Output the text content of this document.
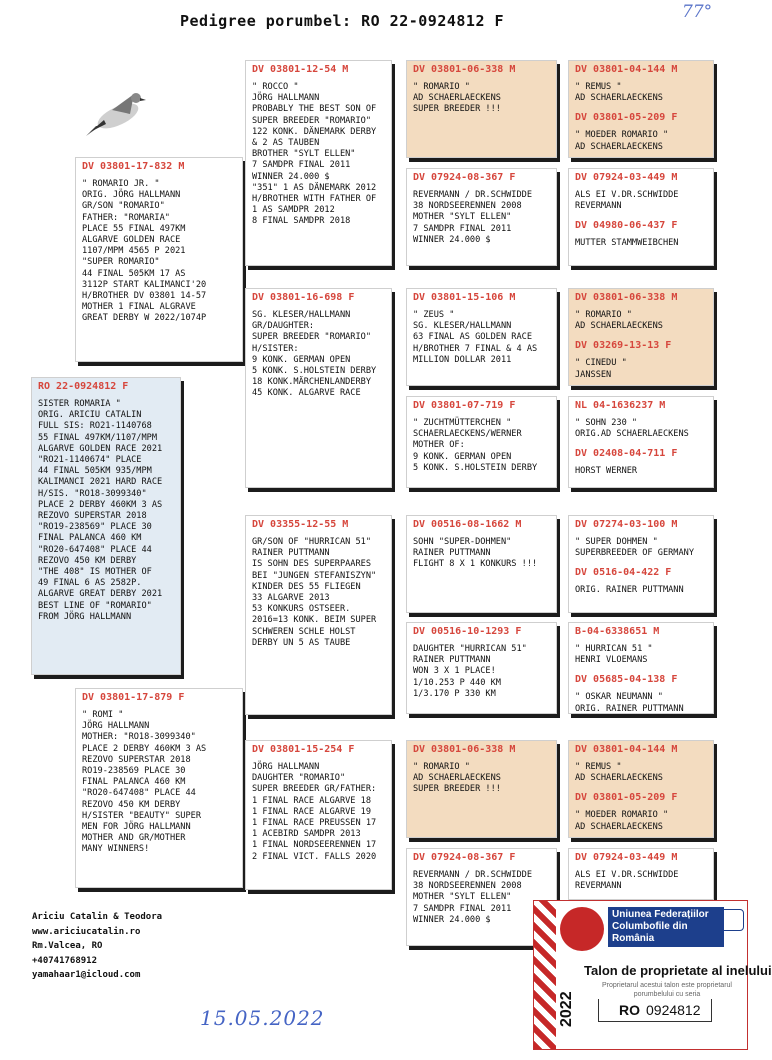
Pedigree porumbel: RO 22-0924812 F	77°
DV 03801-17-832 M
" ROMARIO JR. "
ORIG. JÖRG HALLMANN
GR/SON "ROMARIO"
FATHER: "ROMARIA"
PLACE 55 FINAL 497KM
ALGARVE GOLDEN RACE
1107/MPM 4565 P 2021
"SUPER ROMARIO"
44 FINAL 505KM 17 AS
3112P START KALIMANCI'20
H/BROTHER DV 03801 14-57
MOTHER 1 FINAL ALGRAVE
GREAT DERBY W 2022/1074P
RO 22-0924812 F
SISTER ROMARIA "
ORIG. ARICIU CATALIN
FULL SIS: RO21-1140768
55 FINAL 497KM/1107/MPM
ALGARVE GOLDEN RACE 2021
"RO21-1140674" PLACE
44 FINAL 505KM 935/MPM
KALIMANCI 2021 HARD RACE
H/SIS. "RO18-3099340"
PLACE 2 DERBY 460KM 3 AS
REZOVO SUPERSTAR 2018
"RO19-238569" PLACE 30
FINAL PALANCA 460 KM
"RO20-647408" PLACE 44
REZOVO 450 KM DERBY
"THE 408" IS MOTHER OF
49 FINAL 6 AS 2582P.
ALGARVE GREAT DERBY 2021
BEST LINE OF "ROMARIO"
FROM JÖRG HALLMANN
DV 03801-17-879 F
" ROMI "
JÖRG HALLMANN
MOTHER: "RO18-3099340"
PLACE 2 DERBY 460KM 3 AS
REZOVO SUPERSTAR 2018
RO19-238569 PLACE 30
FINAL PALANCA 460 KM
"RO20-647408" PLACE 44
REZOVO 450 KM DERBY
H/SISTER "BEAUTY" SUPER
MEN FOR JÖRG HALLMANN
MOTHER AND GR/MOTHER
MANY WINNERS!
DV 03801-12-54 M
" ROCCO "
JÖRG HALLMANN
PROBABLY THE BEST SON OF
SUPER BREEDER "ROMARIO"
122 KONK. DÄNEMARK DERBY
& 2 AS TAUBEN
BROTHER "SYLT ELLEN"
7 SAMDPR FINAL 2011
WINNER 24.000 $
"351" 1 AS DÄNEMARK 2012
H/BROTHER WITH FATHER OF
1 AS SAMDPR 2012
8 FINAL SAMDPR 2018
DV 03801-16-698 F
SG. KLESER/HALLMANN
GR/DAUGHTER:
SUPER BREEDER "ROMARIO"
H/SISTER:
9 KONK. GERMAN OPEN
5 KONK. S.HOLSTEIN DERBY
18 KONK.MÄRCHENLANDERBY
45 KONK. ALGARVE RACE
DV 03355-12-55 M
GR/SON OF "HURRICAN 51"
RAINER PUTTMANN
IS SOHN DES SUPERPAARES
BEI "JUNGEN STEFANISZYN"
KINDER DES 55 FLIEGEN
33 ALGARVE 2013
53 KONKURS OSTSEER.
2016=13 KONK. BEIM SUPER
SCHWEREN SCHLE HOLST
DERBY UN 5 AS TAUBE
DV 03801-15-254 F
JÖRG HALLMANN
DAUGHTER "ROMARIO"
SUPER BREEDER GR/FATHER:
1 FINAL RACE ALGARVE 18
1 FINAL RACE ALGARVE 19
1 FINAL RACE PREUSSEN 17
1 ACEBIRD SAMDPR 2013
1 FINAL NORDSEERENNEN 17
2 FINAL VICT. FALLS 2020
DV 03801-06-338 M
" ROMARIO "
AD SCHAERLAECKENS
SUPER BREEDER !!!
DV 07924-08-367 F
REVERMANN / DR.SCHWIDDE
38 NORDSEERENNEN 2008
MOTHER "SYLT ELLEN"
7 SAMDPR FINAL 2011
WINNER 24.000 $
DV 03801-15-106 M
" ZEUS "
SG. KLESER/HALLMANN
63 FINAL AS GOLDEN RACE
H/BROTHER 7 FINAL & 4 AS
MILLION DOLLAR 2011
DV 03801-07-719 F
" ZUCHTMÜTTERCHEN "
SCHAERLAECKENS/WERNER
MOTHER OF:
9 KONK. GERMAN OPEN
5 KONK. S.HOLSTEIN DERBY
DV 00516-08-1662 M
SOHN "SUPER-DOHMEN"
RAINER PUTTMANN
FLIGHT 8 X 1 KONKURS !!!
DV 00516-10-1293 F
DAUGHTER "HURRICAN 51"
RAINER PUTTMANN
WON 3 X 1 PLACE!
1/10.253 P 440 KM
1/3.170 P 330 KM
DV 03801-06-338 M
" ROMARIO "
AD SCHAERLAECKENS
SUPER BREEDER !!!
DV 07924-08-367 F
REVERMANN / DR.SCHWIDDE
38 NORDSEERENNEN 2008
MOTHER "SYLT ELLEN"
7 SAMDPR FINAL 2011
WINNER 24.000 $
DV 03801-04-144 M
" REMUS "
AD SCHAERLAECKENS
DV 03801-05-209 F
" MOEDER ROMARIO "
AD SCHAERLAECKENS
DV 07924-03-449 M
ALS EI V.DR.SCHWIDDE
REVERMANN
DV 04980-06-437 F
MUTTER STAMMWEIBCHEN
DV 03801-06-338 M
" ROMARIO "
AD SCHAERLAECKENS
DV 03269-13-13 F
" CINEDU "
JANSSEN
NL 04-1636237 M
" SOHN 230 "
ORIG.AD SCHAERLAECKENS
DV 02408-04-711 F
HORST WERNER
DV 07274-03-100 M
" SUPER DOHMEN "
SUPERBREEDER OF GERMANY
DV 0516-04-422 F
ORIG. RAINER PUTTMANN
B-04-6338651 M
" HURRICAN 51 "
HENRI VLOEMANS
DV 05685-04-138 F
" OSKAR NEUMANN "
ORIG. RAINER PUTTMANN
DV 03801-04-144 M
" REMUS "
AD SCHAERLAECKENS
DV 03801-05-209 F
" MOEDER ROMARIO "
AD SCHAERLAECKENS
DV 07924-03-449 M
ALS EI V.DR.SCHWIDDE
REVERMANN
Ariciu Catalin & Teodora
www.ariciucatalin.ro
Rm.Valcea, RO
+40741768912
yamahaar1@icloud.com
15.05.2022
Uniunea Federațiilor Columbofile din România
2022
Talon de proprietate al inelului
Proprietarul acestui talon este proprietarul porumbelului cu seria
RO 0924812
